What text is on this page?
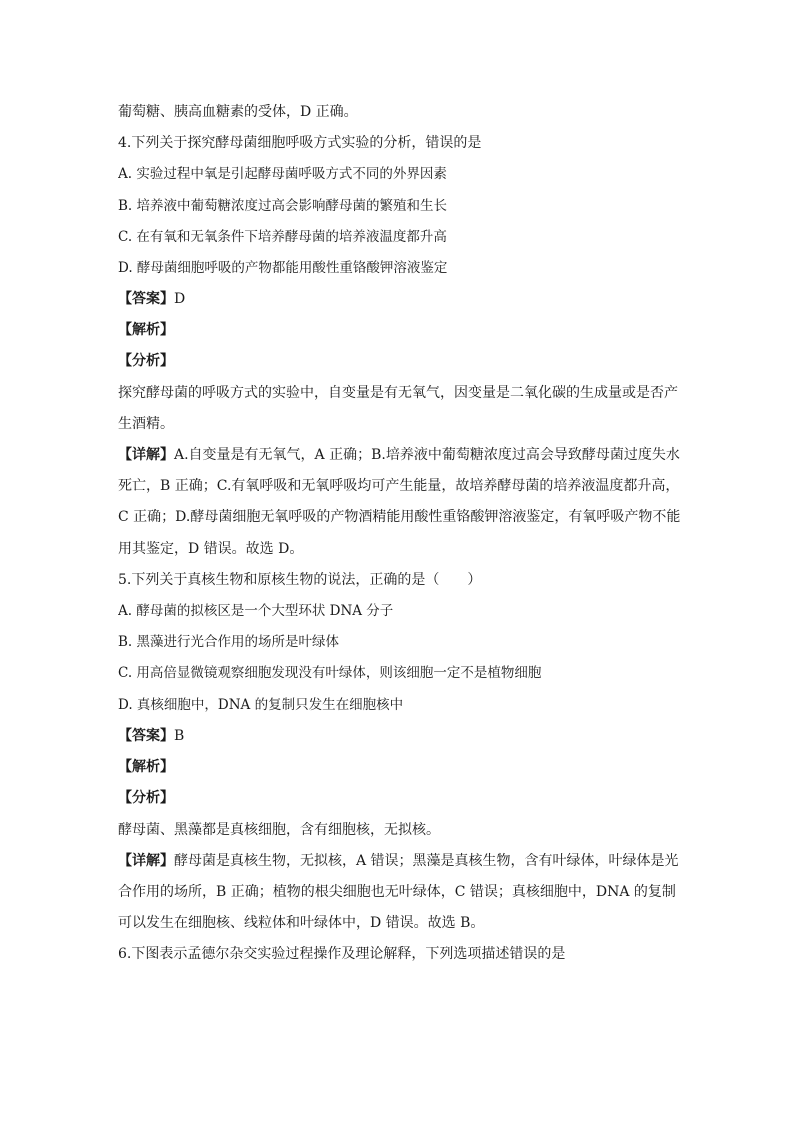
葡萄糖、胰高血糖素的受体，D 正确。
4.下列关于探究酵母菌细胞呼吸方式实验的分析，错误的是
A. 实验过程中氧是引起酵母菌呼吸方式不同的外界因素
B. 培养液中葡萄糖浓度过高会影响酵母菌的繁殖和生长
C. 在有氧和无氧条件下培养酵母菌的培养液温度都升高
D. 酵母菌细胞呼吸的产物都能用酸性重铬酸钾溶液鉴定
【答案】D
【解析】
【分析】
探究酵母菌的呼吸方式的实验中，自变量是有无氧气，因变量是二氧化碳的生成量或是否产
生酒精。
【详解】A.自变量是有无氧气，A 正确；B.培养液中葡萄糖浓度过高会导致酵母菌过度失水
死亡，B 正确；C.有氧呼吸和无氧呼吸均可产生能量，故培养酵母菌的培养液温度都升高，
C 正确；D.酵母菌细胞无氧呼吸的产物酒精能用酸性重铬酸钾溶液鉴定，有氧呼吸产物不能
用其鉴定，D 错误。故选 D。
5.下列关于真核生物和原核生物的说法，正确的是（　　）
A. 酵母菌的拟核区是一个大型环状 DNA 分子
B. 黑藻进行光合作用的场所是叶绿体
C. 用高倍显微镜观察细胞发现没有叶绿体，则该细胞一定不是植物细胞
D. 真核细胞中，DNA 的复制只发生在细胞核中
【答案】B
【解析】
【分析】
酵母菌、黑藻都是真核细胞，含有细胞核，无拟核。
【详解】酵母菌是真核生物，无拟核，A 错误；黑藻是真核生物，含有叶绿体，叶绿体是光
合作用的场所，B 正确；植物的根尖细胞也无叶绿体，C 错误；真核细胞中，DNA 的复制
可以发生在细胞核、线粒体和叶绿体中，D 错误。故选 B。
6.下图表示孟德尔杂交实验过程操作及理论解释，下列选项描述错误的是
